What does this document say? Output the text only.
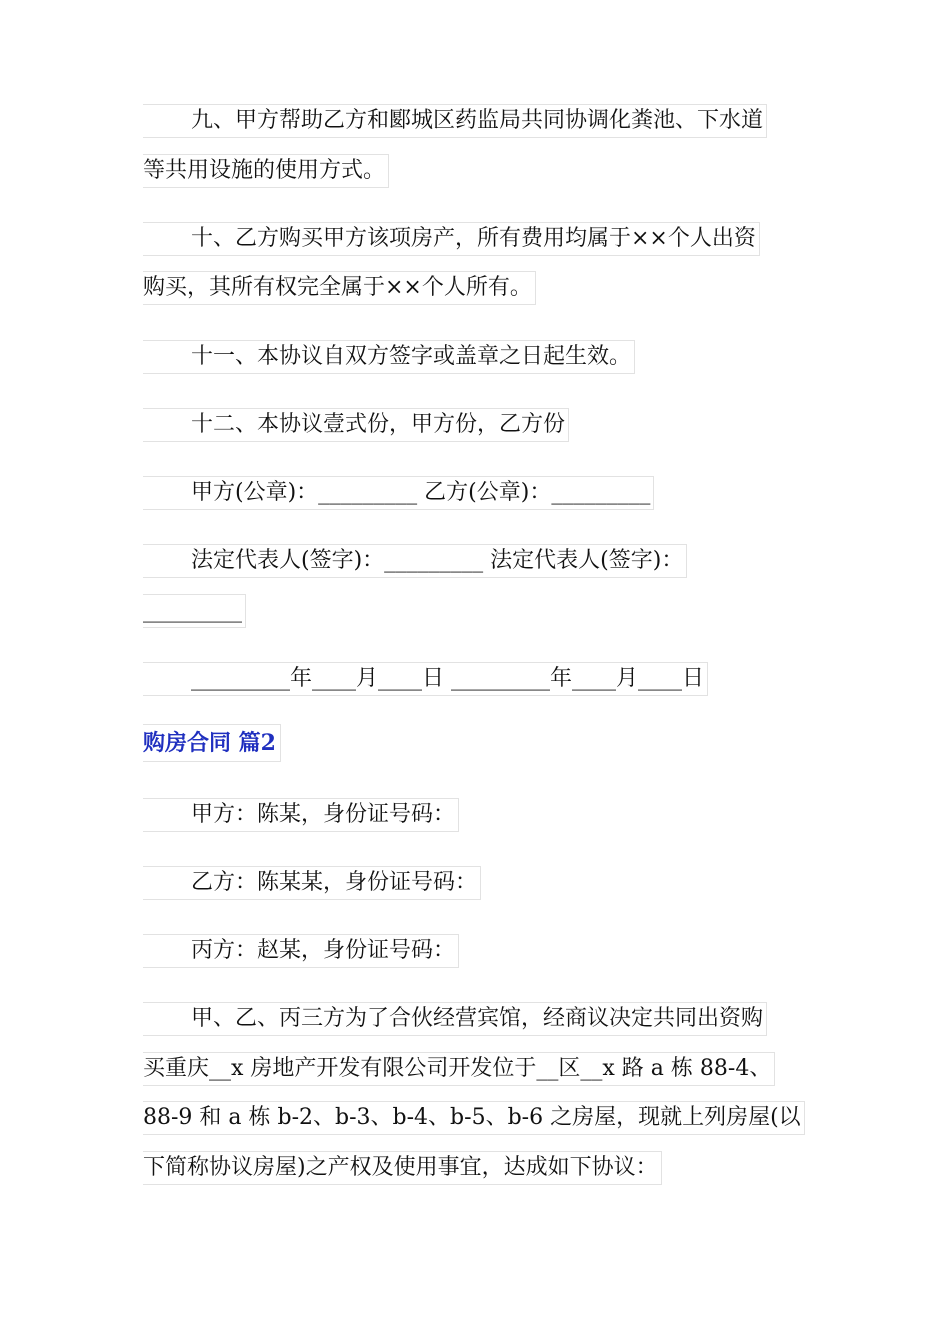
九、甲方帮助乙方和郾城区药监局共同协调化粪池、下水道
等共用设施的使用方式。
十、乙方购买甲方该项房产，所有费用均属于××个人出资
购买，其所有权完全属于××个人所有。
十一、本协议自双方签字或盖章之日起生效。
十二、本协议壹式份，甲方份，乙方份
甲方(公章)：_________ 乙方(公章)：_________
法定代表人(签字)：_________ 法定代表人(签字)：
_________
_________年____月____日 _________年____月____日
购房合同 篇2
甲方：陈某，身份证号码：
乙方：陈某某，身份证号码：
丙方：赵某，身份证号码：
甲、乙、丙三方为了合伙经营宾馆，经商议决定共同出资购
买重庆__x 房地产开发有限公司开发位于__区__x 路 a 栋 88-4、
88-9 和 a 栋 b-2、b-3、b-4、b-5、b-6 之房屋，现就上列房屋(以
下简称协议房屋)之产权及使用事宜，达成如下协议：
